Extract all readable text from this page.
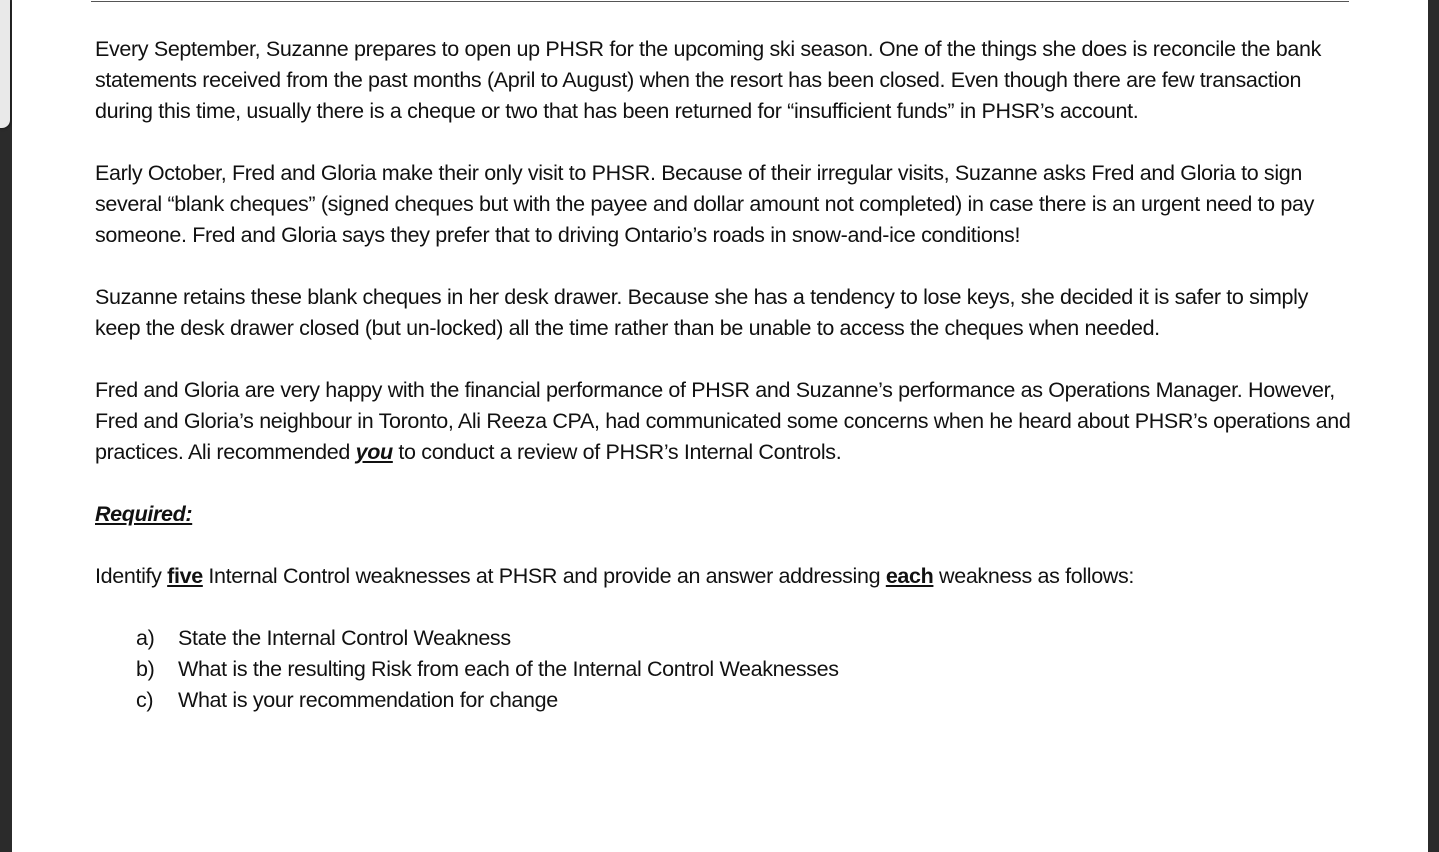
Every September, Suzanne prepares to open up PHSR for the upcoming ski season. One of the things she does is reconcile the bank statements received from the past months (April to August) when the resort has been closed. Even though there are few transaction during this time, usually there is a cheque or two that has been returned for “insufficient funds” in PHSR’s account.

Early October, Fred and Gloria make their only visit to PHSR. Because of their irregular visits, Suzanne asks Fred and Gloria to sign several “blank cheques” (signed cheques but with the payee and dollar amount not completed) in case there is an urgent need to pay someone. Fred and Gloria says they prefer that to driving Ontario’s roads in snow-and-ice conditions!

Suzanne retains these blank cheques in her desk drawer. Because she has a tendency to lose keys, she decided it is safer to simply keep the desk drawer closed (but un-locked) all the time rather than be unable to access the cheques when needed.

Fred and Gloria are very happy with the financial performance of PHSR and Suzanne’s performance as Operations Manager. However, Fred and Gloria’s neighbour in Toronto, Ali Reeza CPA, had communicated some concerns when he heard about PHSR’s operations and practices. Ali recommended you to conduct a review of PHSR’s Internal Controls.

Required:

Identify five Internal Control weaknesses at PHSR and provide an answer addressing each weakness as follows:

a)	State the Internal Control Weakness
b)	What is the resulting Risk from each of the Internal Control Weaknesses
c)	What is your recommendation for change
